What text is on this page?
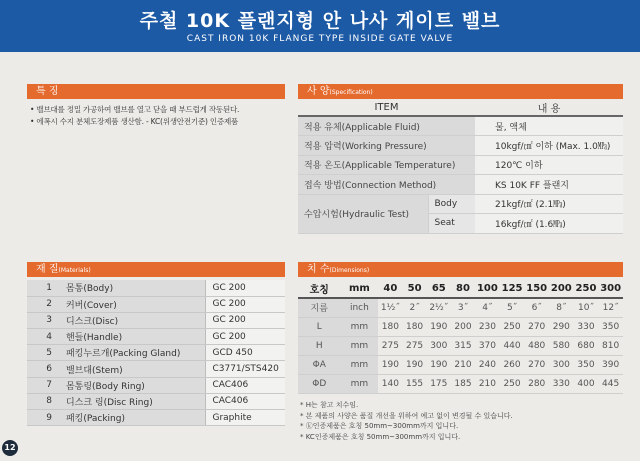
주철 10K 플랜지형 안 나사 게이트 밸브
CAST IRON 10K FLANGE TYPE INSIDE GATE VALVE
특 징
• 밸브대를 정밀 가공하여 밸브를 열고 닫을 때 부드럽게 작동된다.
• 에폭시 수지 분체도장제품 생산함. - KC(위생안전기준) 인증제품
사 양(Specification)
ITEM		내 용
적용 유체(Applicable Fluid)		물, 액체
적용 압력(Working Pressure)		10kgf/㎠ 이하 (Max. 1.0㎫)
적용 온도(Applicable Temperature)		120℃ 이하
접속 방법(Connection Method)		KS 10K FF 플랜지
수압시험(Hydraulic Test)	Body	21kgf/㎠ (2.1㎫)
	Seat	16kgf/㎠ (1.6㎫)
재 질(Materials)
1	몸통(Body)	GC 200
2	커버(Cover)	GC 200
3	디스크(Disc)	GC 200
4	핸들(Handle)	GC 200
5	패킹누르개(Packing Gland)	GCD 450
6	밸브대(Stem)	C3771/STS420
7	몸통링(Body Ring)	CAC406
8	디스크 링(Disc Ring)	CAC406
9	패킹(Packing)	Graphite
치 수(Dimensions)
호칭	mm	40	50	65	80	100	125	150	200	250	300
지름	inch	1½˝	2˝	2½˝	3˝	4˝	5˝	6˝	8˝	10˝	12˝
L	mm	180	180	190	200	230	250	270	290	330	350
H	mm	275	275	300	315	370	440	480	580	680	810
ΦA	mm	190	190	190	210	240	260	270	300	350	390
ΦD	mm	140	155	175	185	210	250	280	330	400	445
* H는 참고 치수임.
* 본 제품의 사양은 품질 개선을 위하여 예고 없이 변경될 수 있습니다.
* ⓚ인증제품은 호칭 50mm~300mm까지 입니다.
* KC인증제품은 호칭 50mm~300mm까지 입니다.
12
